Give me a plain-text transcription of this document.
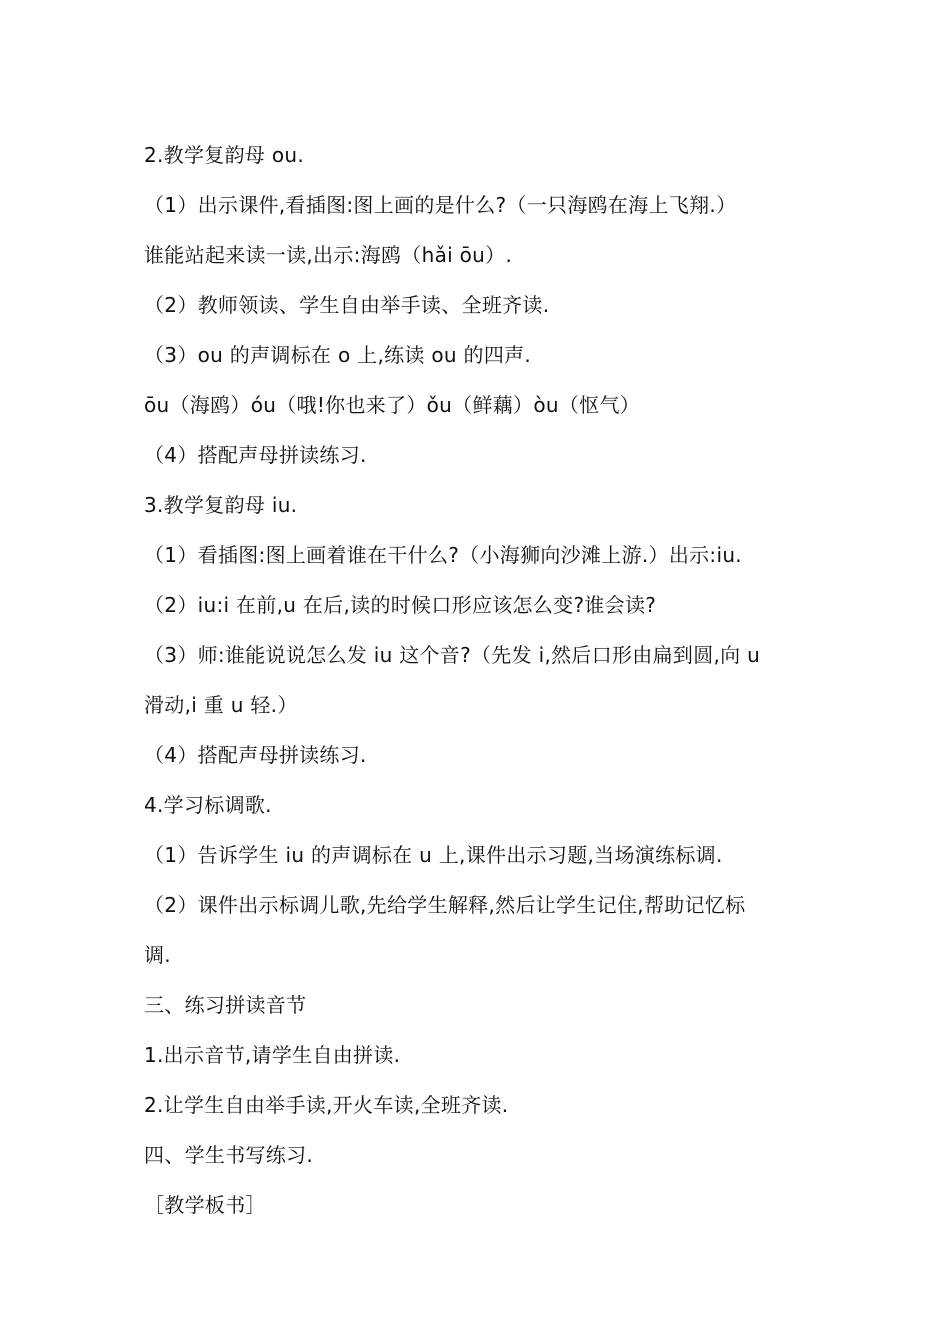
2.教学复韵母 ou.
（1）出示课件,看插图:图上画的是什么?（一只海鸥在海上飞翔.）
谁能站起来读一读,出示:海鸥（hǎi ōu）.
（2）教师领读、学生自由举手读、全班齐读.
（3）ou 的声调标在 o 上,练读 ou 的四声.
ōu（海鸥）óu（哦!你也来了）ǒu（鲜藕）òu（怄气）
（4）搭配声母拼读练习.
3.教学复韵母 iu.
（1）看插图:图上画着谁在干什么?（小海狮向沙滩上游.）出示:iu.
（2）iu:i 在前,u 在后,读的时候口形应该怎么变?谁会读?
（3）师:谁能说说怎么发 iu 这个音?（先发 i,然后口形由扁到圆,向 u
滑动,i 重 u 轻.）
（4）搭配声母拼读练习.
4.学习标调歌.
（1）告诉学生 iu 的声调标在 u 上,课件出示习题,当场演练标调.
（2）课件出示标调儿歌,先给学生解释,然后让学生记住,帮助记忆标
调.
三、练习拼读音节
1.出示音节,请学生自由拼读.
2.让学生自由举手读,开火车读,全班齐读.
四、学生书写练习.
［教学板书］
